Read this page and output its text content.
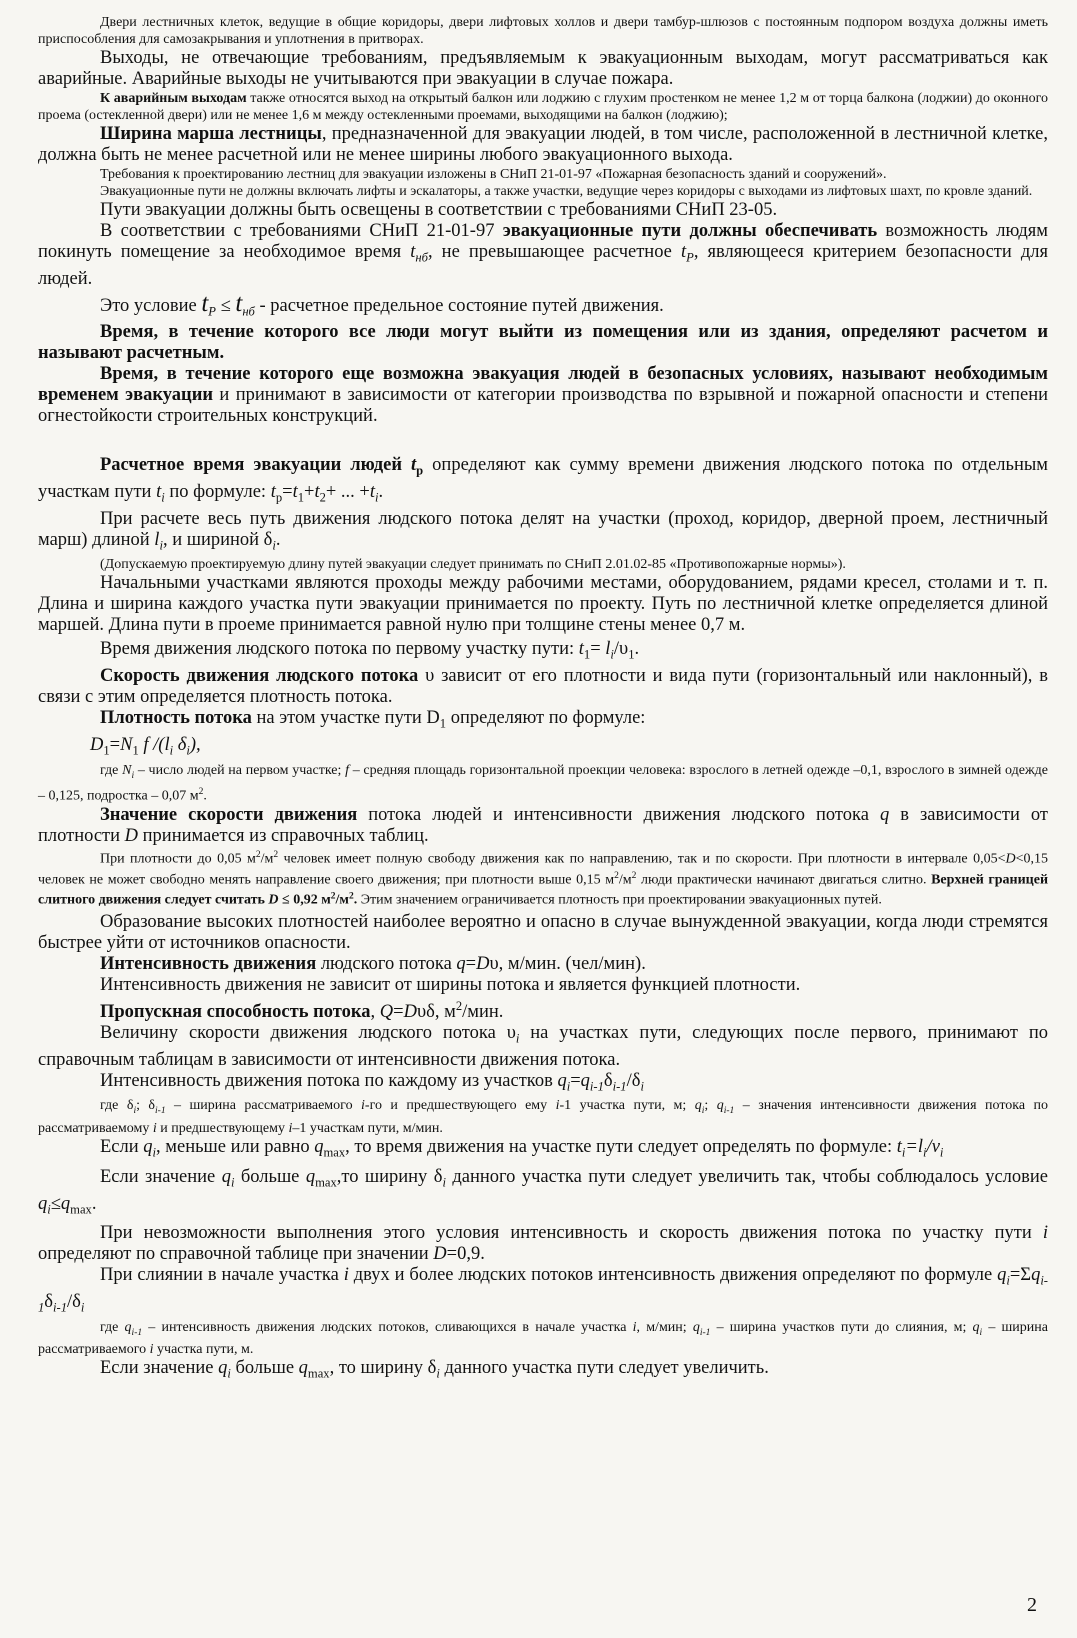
Двери лестничных клеток, ведущие в общие коридоры, двери лифтовых холлов и двери тамбур-шлюзов с постоянным подпором воздуха должны иметь приспособления для самозакрывания и уплотнения в притворах.

Выходы, не отвечающие требованиям, предъявляемым к эвакуационным выходам, могут рассматриваться как аварийные. Аварийные выходы не учитываются при эвакуации в случае пожара.

К аварийным выходам также относятся выход на открытый балкон или лоджию с глухим простенком не менее 1,2 м от торца балкона (лоджии) до оконного проема (остекленной двери) или не менее 1,6 м между остекленными проемами, выходящими на балкон (лоджию);

Ширина марша лестницы, предназначенной для эвакуации людей, в том числе, расположенной в лестничной клетке, должна быть не менее расчетной или не менее ширины любого эвакуационного выхода.

Требования к проектированию лестниц для эвакуации изложены в СНиП 21-01-97 «Пожарная безопасность зданий и сооружений».

Эвакуационные пути не должны включать лифты и эскалаторы, а также участки, ведущие через коридоры с выходами из лифтовых шахт, по кровле зданий.

Пути эвакуации должны быть освещены в соответствии с требованиями СНиП 23-05.

В соответствии с требованиями СНиП 21-01-97 эвакуационные пути должны обеспечивать возможность людям покинуть помещение за необходимое время $t_{нб}$, не превышающее расчетное $t_P$, являющееся критерием безопасности для людей.

Это условие $t_P \le t_{нб}$ - расчетное предельное состояние путей движения.

Время, в течение которого все люди могут выйти из помещения или из здания, определяют расчетом и называют расчетным.

Время, в течение которого еще возможна эвакуация людей в безопасных условиях, называют необходимым временем эвакуации и принимают в зависимости от категории производства по взрывной и пожарной опасности и степени огнестойкости строительных конструкций.

Расчетное время эвакуации людей $t_p$ определяют как сумму времени движения людского потока по отдельным участкам пути $t_i$ по формуле: $t_p=t_1+t_2+$ ... $+t_i$.

При расчете весь путь движения людского потока делят на участки (проход, коридор, дверной проем, лестничный марш) длиной $l_i$, и шириной $\delta_i$.

(Допускаемую проектируемую длину путей эвакуации следует принимать по СНиП 2.01.02-85 «Противопожарные нормы»).

Начальными участками являются проходы между рабочими местами, оборудованием, рядами кресел, столами и т. п. Длина и ширина каждого участка пути эвакуации принимается по проекту. Путь по лестничной клетке определяется длиной маршей. Длина пути в проеме принимается равной нулю при толщине стены менее 0,7 м.

Время движения людского потока по первому участку пути: $t_1= l_i/\upsilon_1$.

Скорость движения людского потока υ зависит от его плотности и вида пути (горизонтальный или наклонный), в связи с этим определяется плотность потока.

Плотность потока на этом участке пути $D_1$ определяют по формуле:

$D_1=N_1$ f $/(l_i$ $\delta_i$),

где $N_i$ – число людей на первом участке; f – средняя площадь горизонтальной проекции человека: взрослого в летней одежде –0,1, взрослого в зимней одежде – 0,125, подростка – 0,07 $м^2$.

Значение скорости движения потока людей и интенсивности движения людского потока q в зависимости от плотности D принимается из справочных таблиц.

При плотности до 0,05 $м^2/м^2$ человек имеет полную свободу движения как по направлению, так и по скорости. При плотности в интервале 0,05<D<0,15 человек не может свободно менять направление своего движения; при плотности выше 0,15 $м^2/м^2$ люди практически начинают двигаться слитно. Верхней границей слитного движения следует считать D ≤ 0,92 $м^2/м^2$. Этим значением ограничивается плотность при проектировании эвакуационных путей.

Образование высоких плотностей наиболее вероятно и опасно в случае вынужденной эвакуации, когда люди стремятся быстрее уйти от источников опасности.

Интенсивность движения людского потока q=Dυ, м/мин. (чел/мин).

Интенсивность движения не зависит от ширины потока и является функцией плотности.

Пропускная способность потока, Q=Dυδ, $м^2$/мин.

Величину скорости движения людского потока $\upsilon_i$ на участках пути, следующих после первого, принимают по справочным таблицам в зависимости от интенсивности движения потока.

Интенсивность движения потока по каждому из участков $q_i=q_{i-1}\delta_{i-1}/\delta_i$

где $\delta_i$; $\delta_{i-1}$ – ширина рассматриваемого i-го и предшествующего ему i-1 участка пути, м; $q_i$; $q_{i-1}$ – значения интенсивности движения потока по рассматриваемому i и предшествующему i–1 участкам пути, м/мин.

Если $q_i$, меньше или равно $q_{max}$, то время движения на участке пути следует определять по формуле: $t_i=l_i/v_i$

Если значение $q_i$ больше $q_{max},то$ ширину $\delta_i$ данного участка пути следует увеличить так, чтобы соблюдалось условие $q_i\le q_{max}$.

При невозможности выполнения этого условия интенсивность и скорость движения потока по участку пути i определяют по справочной таблице при значении D=0,9.

При слиянии в начале участка i двух и более людских потоков интенсивность движения определяют по формуле $q_i=\Sigma q_{i-1}\delta_{i-1}/\delta_i$

где $q_{i-1}$ – интенсивность движения людских потоков, сливающихся в начале участка i, м/мин; $q_{i-1}$ – ширина участков пути до слияния, м; $q_i$ – ширина рассматриваемого i участка пути, м.

Если значение $q_i$ больше $q_{max}$, то ширину $\delta_i$ данного участка пути следует увеличить.

2
